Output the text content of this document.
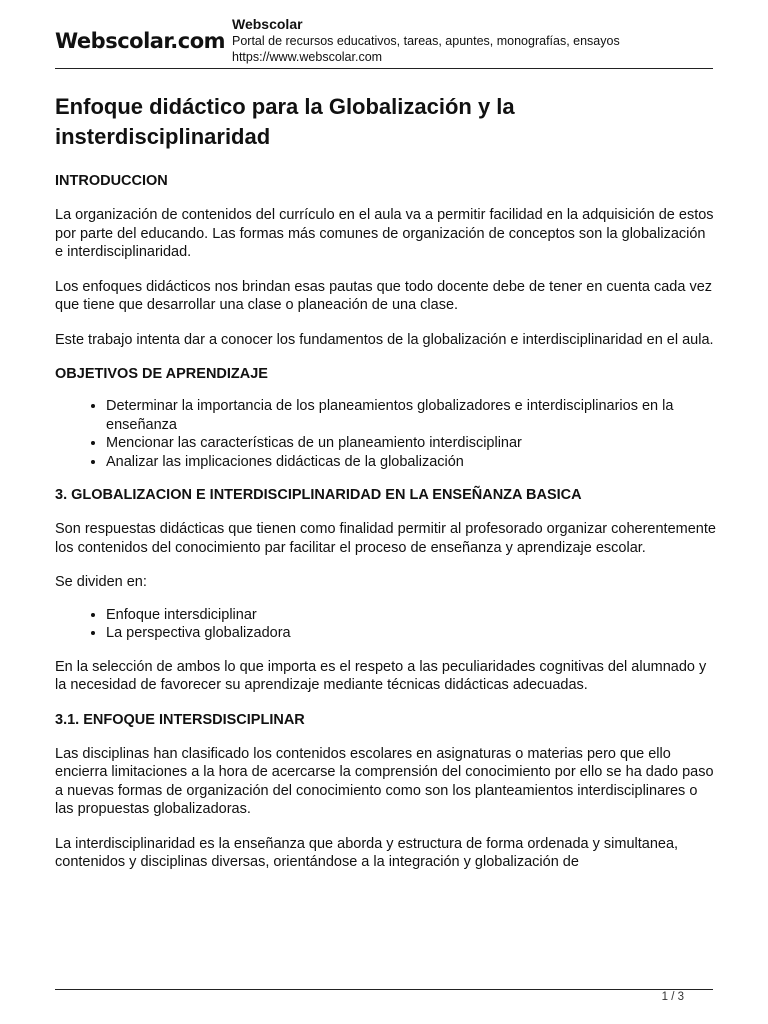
Webscolar.com
Webscolar
Portal de recursos educativos, tareas, apuntes, monografías, ensayos
https://www.webscolar.com
Enfoque didáctico para la Globalización y la insterdisciplinaridad
INTRODUCCION

La organización de contenidos del currículo en el aula va a permitir facilidad en la adquisición de estos por parte del educando. Las formas más comunes de organización de conceptos son la globalización e interdisciplinaridad.

Los enfoques didácticos nos brindan esas pautas que todo docente debe de tener en cuenta cada vez que tiene que desarrollar una clase o planeación de una clase.

Este trabajo intenta dar a conocer los fundamentos de la globalización e interdisciplinaridad en el aula.

OBJETIVOS DE APRENDIZAJE
• Determinar la importancia de los planeamientos globalizadores e interdisciplinarios en la enseñanza
• Mencionar las características de un planeamiento interdisciplinar
• Analizar las implicaciones didácticas de la globalización
3. GLOBALIZACION E INTERDISCIPLINARIDAD EN LA ENSEÑANZA BASICA

Son respuestas didácticas que tienen como finalidad permitir al profesorado organizar coherentemente los contenidos del conocimiento par facilitar el proceso de enseñanza y aprendizaje escolar.

Se dividen en:

• Enfoque intersdiciplinar
• La perspectiva globalizadora

En la selección de ambos lo que importa es el respeto a las peculiaridades cognitivas del alumnado y la necesidad de favorecer su aprendizaje mediante técnicas didácticas adecuadas.

3.1. ENFOQUE INTERSDISCIPLINAR

Las disciplinas han clasificado los contenidos escolares en asignaturas o materias pero que ello encierra limitaciones a la hora de acercarse la comprensión del conocimiento por ello se ha dado paso a nuevas formas de organización del conocimiento como son los planteamientos interdisciplinares o las propuestas globalizadoras.

La interdisciplinaridad es la enseñanza que aborda y estructura de forma ordenada y simultanea, contenidos y disciplinas diversas, orientándose a la integración y globalización de

1 / 3
